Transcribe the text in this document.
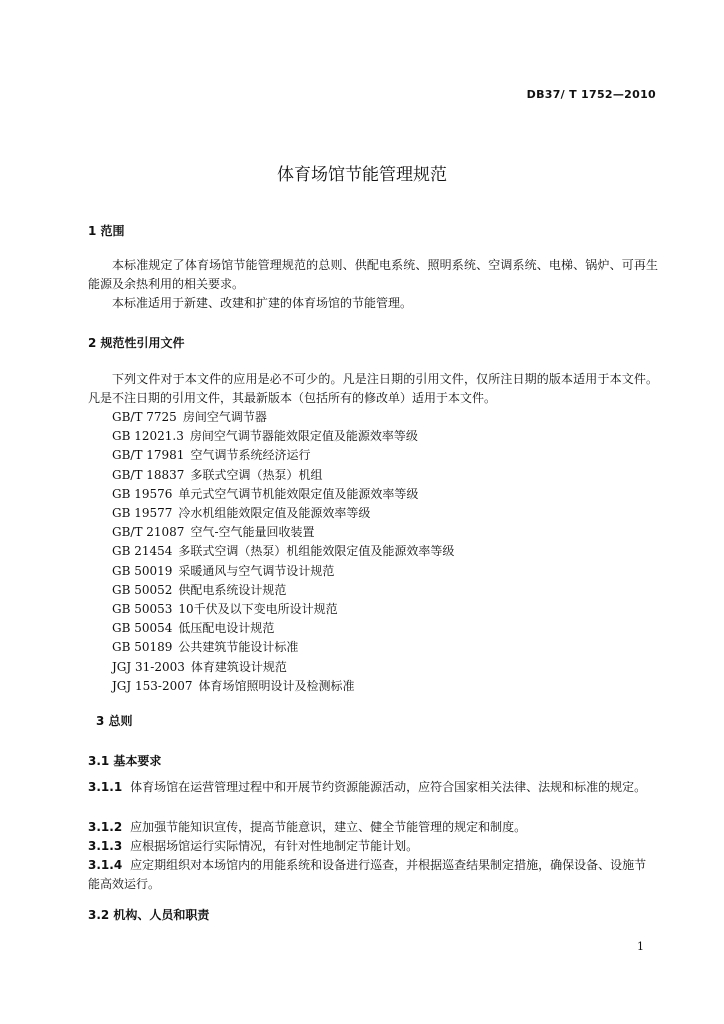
DB37/ T 1752—2010
体育场馆节能管理规范
1 范围
本标准规定了体育场馆节能管理规范的总则、供配电系统、照明系统、空调系统、电梯、锅炉、可再生能源及余热利用的相关要求。
本标准适用于新建、改建和扩建的体育场馆的节能管理。
2 规范性引用文件
下列文件对于本文件的应用是必不可少的。凡是注日期的引用文件，仅所注日期的版本适用于本文件。凡是不注日期的引用文件，其最新版本（包括所有的修改单）适用于本文件。
GB/T 7725 房间空气调节器
GB 12021.3 房间空气调节器能效限定值及能源效率等级
GB/T 17981 空气调节系统经济运行
GB/T 18837 多联式空调（热泵）机组
GB 19576 单元式空气调节机能效限定值及能源效率等级
GB 19577 冷水机组能效限定值及能源效率等级
GB/T 21087 空气-空气能量回收装置
GB 21454 多联式空调（热泵）机组能效限定值及能源效率等级
GB 50019 采暖通风与空气调节设计规范
GB 50052 供配电系统设计规范
GB 50053 10千伏及以下变电所设计规范
GB 50054 低压配电设计规范
GB 50189 公共建筑节能设计标准
JGJ 31-2003 体育建筑设计规范
JGJ 153-2007 体育场馆照明设计及检测标准
3 总则
3.1 基本要求
3.1.1 体育场馆在运营管理过程中和开展节约资源能源活动，应符合国家相关法律、法规和标准的规定。
3.1.2 应加强节能知识宣传，提高节能意识，建立、健全节能管理的规定和制度。
3.1.3 应根据场馆运行实际情况，有针对性地制定节能计划。
3.1.4 应定期组织对本场馆内的用能系统和设备进行巡查，并根据巡查结果制定措施，确保设备、设施节能高效运行。
3.2 机构、人员和职责
1
